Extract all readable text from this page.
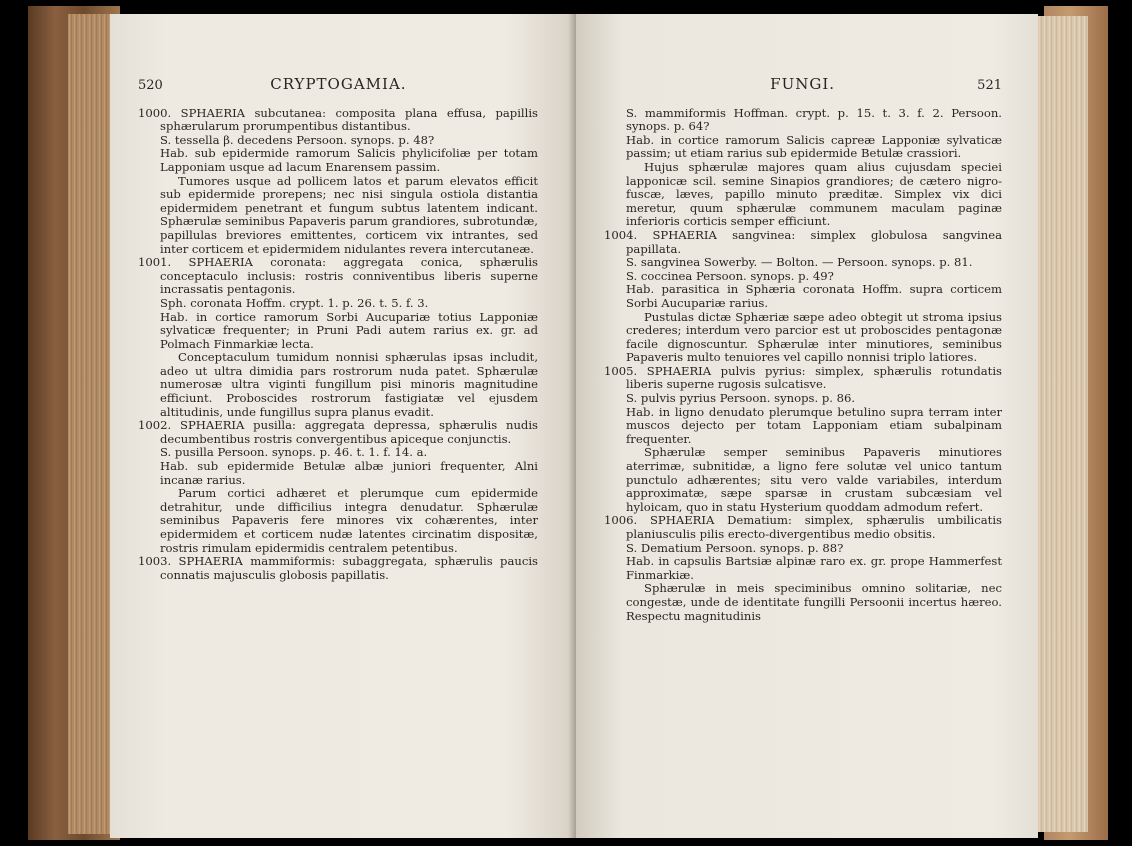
520	CRYPTOGAMIA.

1000. SPHAERIA subcutanea: composita plana effusa, papillis sphærularum prorumpentibus distantibus.

S. tessella β. decedens Persoon. synops. p. 48?

Hab. sub epidermide ramorum Salicis phylicifoliæ per totam Lapponiam usque ad lacum Enarensem passim.

Tumores usque ad pollicem latos et parum elevatos efficit sub epidermide prorepens; nec nisi singula ostiola distantia epidermidem penetrant et fungum subtus latentem indicant. Sphærulæ seminibus Papaveris parum grandiores, subrotundæ, papillulas breviores emittentes, corticem vix intrantes, sed inter corticem et epidermidem nidulantes revera intercutaneæ.

1001. SPHAERIA coronata: aggregata conica, sphærulis conceptaculo inclusis: rostris conniventibus liberis superne incrassatis pentagonis.

Sph. coronata Hoffm. crypt. 1. p. 26. t. 5. f. 3.

Hab. in cortice ramorum Sorbi Aucupariæ totius Lapponiæ sylvaticæ frequenter; in Pruni Padi autem rarius ex. gr. ad Polmach Finmarkiæ lecta.

Conceptaculum tumidum nonnisi sphærulas ipsas includit, adeo ut ultra dimidia pars rostrorum nuda patet. Sphærulæ numerosæ ultra viginti fungillum pisi minoris magnitudine efficiunt. Proboscides rostrorum fastigiatæ vel ejusdem altitudinis, unde fungillus supra planus evadit.

1002. SPHAERIA pusilla: aggregata depressa, sphærulis nudis decumbentibus rostris convergentibus apiceque conjunctis.

S. pusilla Persoon. synops. p. 46. t. 1. f. 14. a.

Hab. sub epidermide Betulæ albæ juniori frequenter, Alni incanæ rarius.

Parum cortici adhæret et plerumque cum epidermide detrahitur, unde difficilius integra denudatur. Sphærulæ seminibus Papaveris fere minores vix cohærentes, inter epidermidem et corticem nudæ latentes circinatim dispositæ, rostris rimulam epidermidis centralem petentibus.

1003. SPHAERIA mammiformis: subaggregata, sphærulis paucis connatis majusculis globosis papillatis.

FUNGI.	521

S. mammiformis Hoffman. crypt. p. 15. t. 3. f. 2. Persoon. synops. p. 64?

Hab. in cortice ramorum Salicis capreæ Lapponiæ sylvaticæ passim; ut etiam rarius sub epidermide Betulæ crassiori.

Hujus sphærulæ majores quam alius cujusdam speciei lapponicæ scil. semine Sinapios grandiores; de cætero nigro-fuscæ, læves, papillo minuto præditæ. Simplex vix dici meretur, quum sphærulæ communem maculam paginæ inferioris corticis semper efficiunt.

1004. SPHAERIA sangvinea: simplex globulosa sangvinea papillata.

S. sangvinea Sowerby. — Bolton. — Persoon. synops. p. 81.

S. coccinea Persoon. synops. p. 49?

Hab. parasitica in Sphæria coronata Hoffm. supra corticem Sorbi Aucupariæ rarius.

Pustulas dictæ Sphæriæ sæpe adeo obtegit ut stroma ipsius crederes; interdum vero parcior est ut proboscides pentagonæ facile dignoscuntur. Sphærulæ inter minutiores, seminibus Papaveris multo tenuiores vel capillo nonnisi triplo latiores.

1005. SPHAERIA pulvis pyrius: simplex, sphærulis rotundatis liberis superne rugosis sulcatisve.

S. pulvis pyrius Persoon. synops. p. 86.

Hab. in ligno denudato plerumque betulino supra terram inter muscos dejecto per totam Lapponiam etiam subalpinam frequenter.

Sphærulæ semper seminibus Papaveris minutiores aterrimæ, subnitidæ, a ligno fere solutæ vel unico tantum punctulo adhærentes; situ vero valde variabiles, interdum approximatæ, sæpe sparsæ in crustam subcæsiam vel hyloicam, quo in statu Hysterium quoddam admodum refert.

1006. SPHAERIA Dematium: simplex, sphærulis umbilicatis planiusculis pilis erecto-divergentibus medio obsitis.

S. Dematium Persoon. synops. p. 88?

Hab. in capsulis Bartsiæ alpinæ raro ex. gr. prope Hammerfest Finmarkiæ.

Sphærulæ in meis speciminibus omnino solitariæ, nec congestæ, unde de identitate fungilli Persoonii incertus hæreo. Respectu magnitudinis
